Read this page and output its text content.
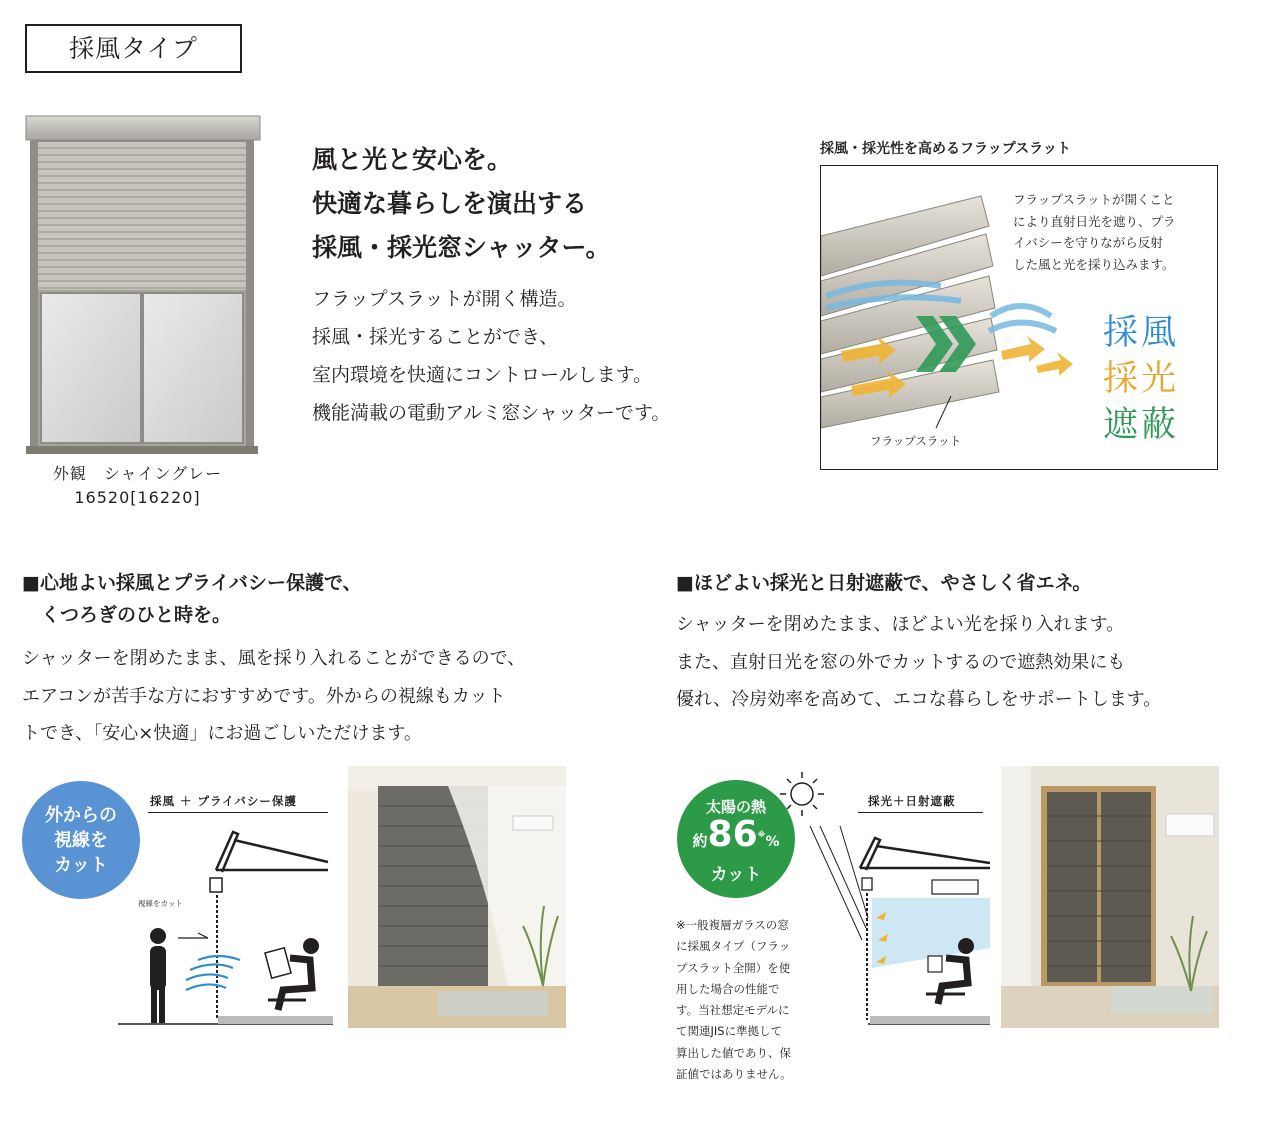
採風タイプ
外観　シャイングレー
16520[16220]
風と光と安心を。
快適な暮らしを演出する
採風・採光窓シャッター。
フラップスラットが開く構造。
採風・採光することができ、
室内環境を快適にコントロールします。
機能満載の電動アルミ窓シャッターです。
採風・採光性を高めるフラップスラット
フラップスラットが開くこと
により直射日光を遮り、プラ
イバシーを守りながら反射
した風と光を採り込みます。
採風
採光
遮蔽
フラップスラット
■心地よい採風とプライバシー保護で、
　くつろぎのひと時を。
シャッターを閉めたまま、風を採り入れることができるので、
エアコンが苦手な方におすすめです。外からの視線もカット
トでき、「安心×快適」にお過ごしいただけます。
外からの
視線を
カット
採風 ＋ プライバシー保護
視線をカット
■ほどよい採光と日射遮蔽で、やさしく省エネ。
シャッターを閉めたまま、ほどよい光を採り入れます。
また、直射日光を窓の外でカットするので遮熱効果にも
優れ、冷房効率を高めて、エコな暮らしをサポートします。
太陽の熱
約86※%
カット
採光＋日射遮蔽
※一般複層ガラスの窓
に採風タイプ（フラッ
プスラット全開）を使
用した場合の性能で
す。当社想定モデルに
て関連JISに準拠して
算出した値であり、保
証値ではありません。
